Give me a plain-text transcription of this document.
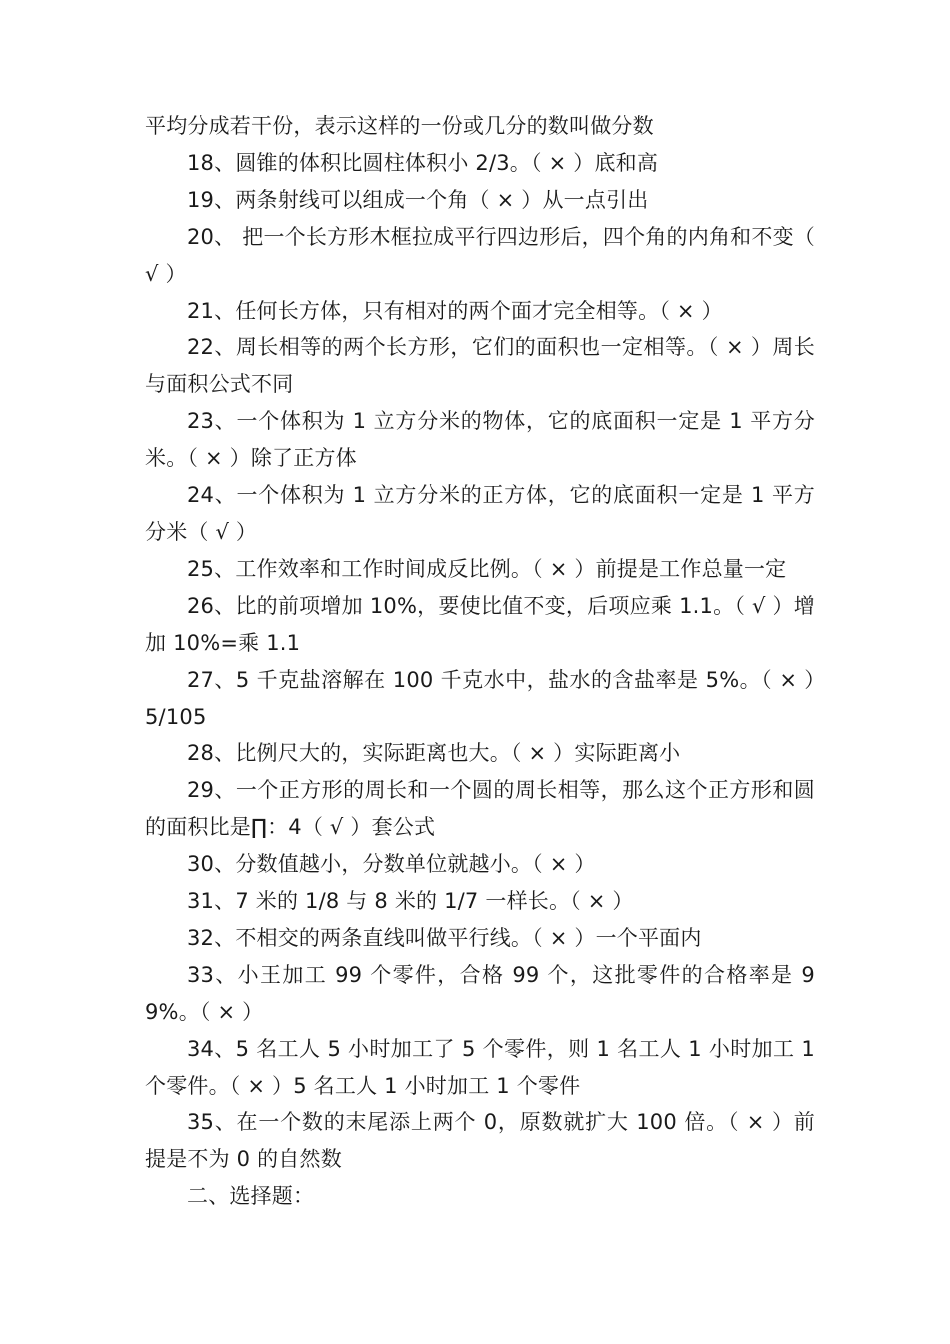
平均分成若干份，表示这样的一份或几分的数叫做分数

18、圆锥的体积比圆柱体积小 2/3。（ × ）底和高

19、两条射线可以组成一个角（ × ）从一点引出

20、 把一个长方形木框拉成平行四边形后，四个角的内角和不变（ √ ）

21、任何长方体，只有相对的两个面才完全相等。（ × ）

22、周长相等的两个长方形，它们的面积也一定相等。（ × ）周长与面积公式不同

23、一个体积为 1 立方分米的物体，它的底面积一定是 1 平方分米。（ × ）除了正方体

24、一个体积为 1 立方分米的正方体，它的底面积一定是 1 平方分米（ √ ）

25、工作效率和工作时间成反比例。（ × ）前提是工作总量一定

26、比的前项增加 10%，要使比值不变，后项应乘 1.1。（ √ ）增加 10%=乘 1.1

27、5 千克盐溶解在 100 千克水中，盐水的含盐率是 5%。（ × ）5/105

28、比例尺大的，实际距离也大。（ × ）实际距离小

29、一个正方形的周长和一个圆的周长相等，那么这个正方形和圆的面积比是∏：4（ √ ）套公式

30、分数值越小，分数单位就越小。（ × ）

31、7 米的 1/8 与 8 米的 1/7 一样长。（ × ）

32、不相交的两条直线叫做平行线。（ × ）一个平面内

33、小王加工 99 个零件，合格 99 个，这批零件的合格率是 99%。（ × ）

34、5 名工人 5 小时加工了 5 个零件，则 1 名工人 1 小时加工 1 个零件。（ × ）5 名工人 1 小时加工 1 个零件

35、在一个数的末尾添上两个 0，原数就扩大 100 倍。（ × ）前提是不为 0 的自然数

二、选择题：
